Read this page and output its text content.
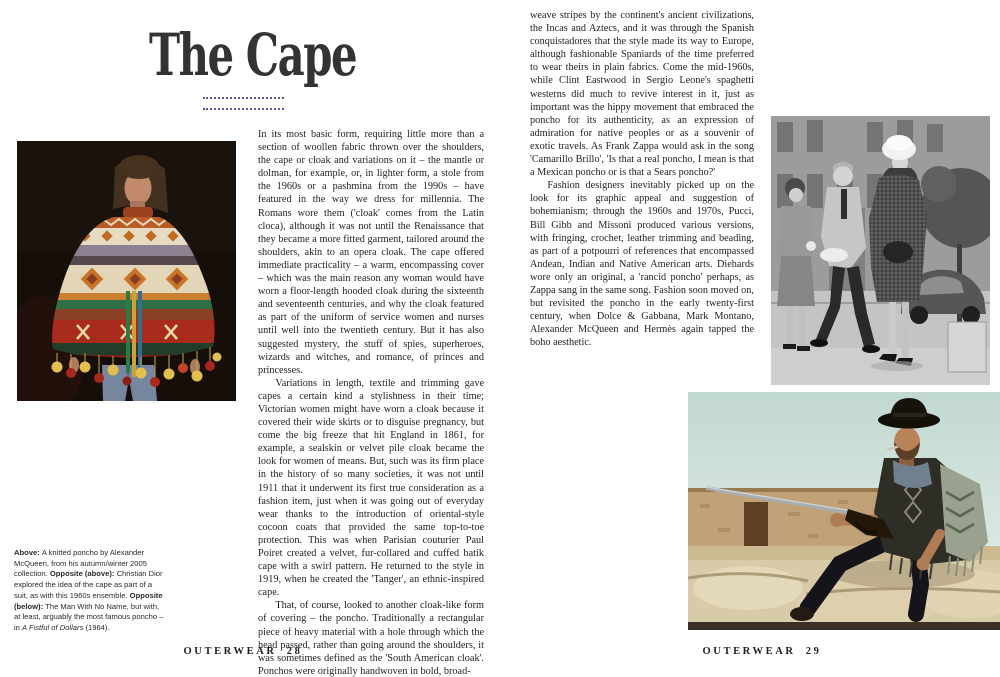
The Cape

In its most basic form, requiring little more than a section of woollen fabric thrown over the shoulders, the cape or cloak and variations on it – the mantle or dolman, for example, or, in lighter form, a stole from the 1960s or a pashmina from the 1990s – have featured in the way we dress for millennia. The Romans wore them ('cloak' comes from the Latin cloca), although it was not until the Renaissance that they became a more fitted garment, tailored around the shoulders, akin to an opera cloak. The cape offered immediate practicality – a warm, encompassing cover – which was the main reason any woman would have worn a floor-length hooded cloak during the sixteenth and seventeenth centuries, and why the cloak featured as part of the uniform of service women and nurses until well into the twentieth century. But it has also suggested mystery, the stuff of spies, superheroes, wizards and witches, and romance, of princes and princesses.

Variations in length, textile and trimming gave capes a certain kind a stylishness in their time; Victorian women might have worn a cloak because it covered their wide skirts or to disguise pregnancy, but come the big freeze that hit England in 1861, for example, a sealskin or velvet pile cloak became the look for women of means. But, such was its firm place in the history of so many societies, it was not until 1911 that it underwent its first true consideration as a fashion item, just when it was going out of everyday wear thanks to the introduction of oriental-style cocoon coats that provided the same top-to-toe protection. This was when Parisian couturier Paul Poiret created a velvet, fur-collared and cuffed batik cape with a swirl pattern. He returned to the style in 1919, when he created the 'Tanger', an ethnic-inspired cape.

That, of course, looked to another cloak-like form of covering – the poncho. Traditionally a rectangular piece of heavy material with a hole through which the head passed, rather than going around the shoulders, it was sometimes defined as the 'South American cloak'. Ponchos were originally handwoven in bold, broad-

Above: A knitted poncho by Alexander McQueen, from his autumn/winter 2005 collection. Opposite (above): Christian Dior explored the idea of the cape as part of a suit, as with this 1960s ensemble. Opposite (below): The Man With No Name, but with, at least, arguably the most famous poncho – in A Fistful of Dollars (1964).
OUTERWEAR 28

weave stripes by the continent's ancient civilizations, the Incas and Aztecs, and it was through the Spanish conquistadores that the style made its way to Europe, although fashionable Spaniards of the time preferred to wear theirs in plain fabrics. Come the mid-1960s, while Clint Eastwood in Sergio Leone's spaghetti westerns did much to revive interest in it, just as important was the hippy movement that embraced the poncho for its authenticity, as an expression of admiration for native peoples or as a souvenir of exotic travels. As Frank Zappa would ask in the song 'Camarillo Brillo', 'Is that a real poncho, I mean is that a Mexican poncho or is that a Sears poncho?'

Fashion designers inevitably picked up on the look for its graphic appeal and suggestion of bohemianism; through the 1960s and 1970s, Pucci, Bill Gibb and Missoni produced various versions, with fringing, crochet, leather trimming and beading, as part of a potpourri of references that encompassed Andean, Indian and Native American arts. Diehards wore only an original, a 'rancid poncho' perhaps, as Zappa sang in the same song. Fashion soon moved on, but revisited the poncho in the early twenty-first century, when Dolce & Gabbana, Mark Montano, Alexander McQueen and Hermès again tapped the boho aesthetic.

OUTERWEAR 29
